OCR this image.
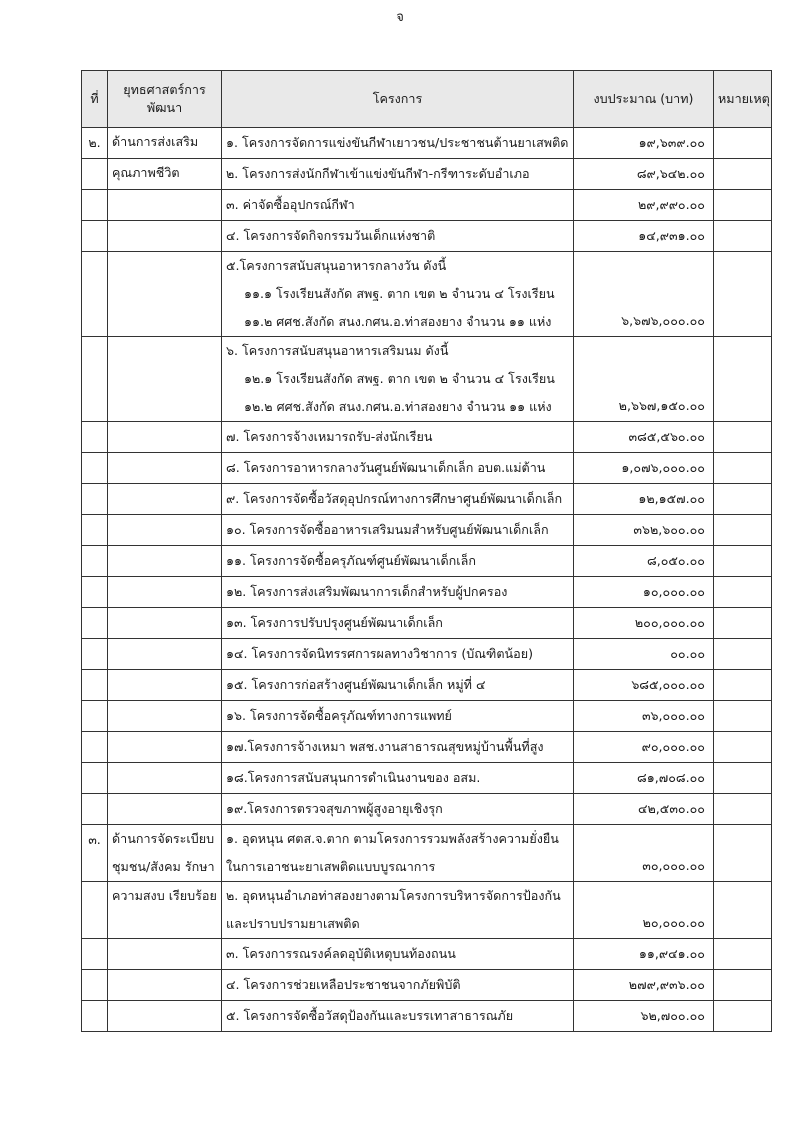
จ
ที่	ยุทธศาสตร์การพัฒนา	โครงการ	งบประมาณ (บาท)	หมายเหตุ
๒.	ด้านการส่งเสริม	๑. โครงการจัดการแข่งขันกีฬาเยาวชน/ประชาชนต้านยาเสพติด	๑๙,๖๓๙.๐๐	
	คุณภาพชีวิต	๒. โครงการส่งนักกีฬาเข้าแข่งขันกีฬา-กรีฑาระดับอำเภอ	๘๙,๖๔๒.๐๐	

		๓. ค่าจัดซื้ออุปกรณ์กีฬา	๒๙,๙๙๐.๐๐	

		๔. โครงการจัดกิจกรรมวันเด็กแห่งชาติ	๑๔,๙๓๑.๐๐	

		๕.โครงการสนับสนุนอาหารกลางวัน ดังนี้
๑๑.๑ โรงเรียนสังกัด สพฐ. ตาก เขต ๒ จำนวน ๔ โรงเรียน
๑๑.๒ ศศช.สังกัด สนง.กศน.อ.ท่าสองยาง จำนวน ๑๑ แห่ง	๖,๖๗๖,๐๐๐.๐๐	

		๖. โครงการสนับสนุนอาหารเสริมนม ดังนี้
๑๒.๑ โรงเรียนสังกัด สพฐ. ตาก เขต ๒ จำนวน ๔ โรงเรียน
๑๒.๒ ศศช.สังกัด สนง.กศน.อ.ท่าสองยาง จำนวน ๑๑ แห่ง	๒,๖๖๗,๑๕๐.๐๐	

		๗. โครงการจ้างเหมารถรับ-ส่งนักเรียน	๓๘๕,๕๖๐.๐๐	

		๘. โครงการอาหารกลางวันศูนย์พัฒนาเด็กเล็ก อบต.แม่ต้าน	๑,๐๗๖,๐๐๐.๐๐	

		๙. โครงการจัดซื้อวัสดุอุปกรณ์ทางการศึกษาศูนย์พัฒนาเด็กเล็ก	๑๒,๑๕๗.๐๐	

		๑๐. โครงการจัดซื้ออาหารเสริมนมสำหรับศูนย์พัฒนาเด็กเล็ก	๓๖๒,๖๐๐.๐๐	

		๑๑. โครงการจัดซื้อครุภัณฑ์ศูนย์พัฒนาเด็กเล็ก	๘,๐๕๐.๐๐	

		๑๒. โครงการส่งเสริมพัฒนาการเด็กสำหรับผู้ปกครอง	๑๐,๐๐๐.๐๐	

		๑๓. โครงการปรับปรุงศูนย์พัฒนาเด็กเล็ก	๒๐๐,๐๐๐.๐๐	

		๑๔. โครงการจัดนิทรรศการผลทางวิชาการ (บัณฑิตน้อย)	๐๐.๐๐	

		๑๕. โครงการก่อสร้างศูนย์พัฒนาเด็กเล็ก หมู่ที่ ๔	๖๘๕,๐๐๐.๐๐	

		๑๖. โครงการจัดซื้อครุภัณฑ์ทางการแพทย์	๓๖,๐๐๐.๐๐	

		๑๗.โครงการจ้างเหมา พสช.งานสาธารณสุขหมู่บ้านพื้นที่สูง	๙๐,๐๐๐.๐๐	

		๑๘.โครงการสนับสนุนการดำเนินงานของ อสม.	๘๑,๗๐๘.๐๐	

		๑๙.โครงการตรวจสุขภาพผู้สูงอายุเชิงรุก	๔๒,๕๓๐.๐๐	
๓.	ด้านการจัดระเบียบ ชุมชน/สังคม รักษา	๑. อุดหนุน ศตส.จ.ตาก ตามโครงการรวมพลังสร้างความยั่งยืน
ในการเอาชนะยาเสพติดแบบบูรณาการ	๓๐,๐๐๐.๐๐	
	ความสงบ เรียบร้อย	๒. อุดหนุนอำเภอท่าสองยางตามโครงการบริหารจัดการป้องกัน
และปราบปรามยาเสพติด	๒๐,๐๐๐.๐๐	

		๓. โครงการรณรงค์ลดอุบัติเหตุบนท้องถนน	๑๑,๙๔๑.๐๐	

		๔. โครงการช่วยเหลือประชาชนจากภัยพิบัติ	๒๗๙,๙๓๖.๐๐	

		๕. โครงการจัดซื้อวัสดุป้องกันและบรรเทาสาธารณภัย	๖๒,๗๐๐.๐๐	
